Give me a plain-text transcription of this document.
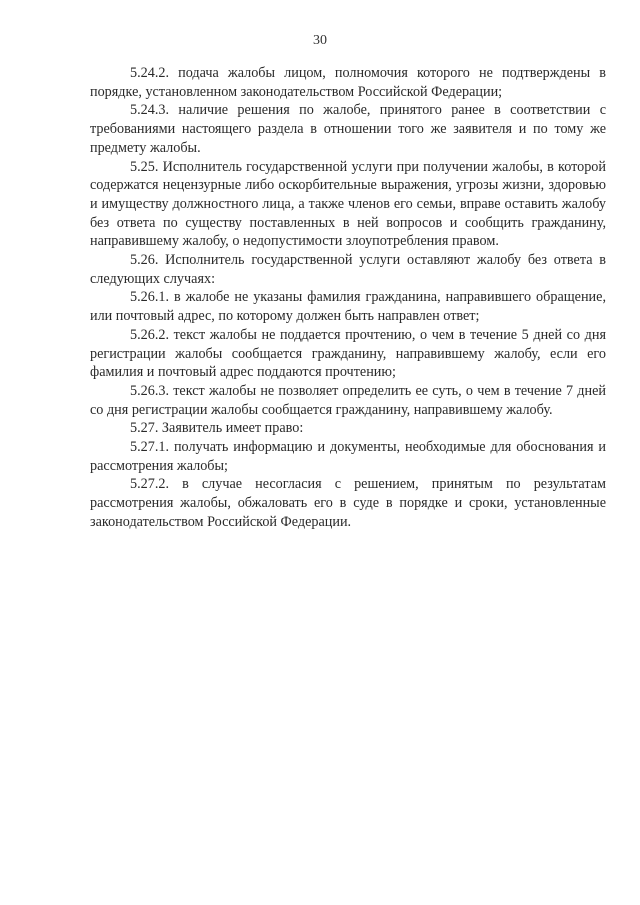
30

5.24.2. подача жалобы лицом, полномочия которого не подтверждены в порядке, установленном законодательством Российской Федерации;

5.24.3. наличие решения по жалобе, принятого ранее в соответствии с требованиями настоящего раздела в отношении того же заявителя и по тому же предмету жалобы.

5.25. Исполнитель государственной услуги при получении жалобы, в которой содержатся нецензурные либо оскорбительные выражения, угрозы жизни, здоровью и имуществу должностного лица, а также членов его семьи, вправе оставить жалобу без ответа по существу поставленных в ней вопросов и сообщить гражданину, направившему жалобу, о недопустимости злоупотребления правом.

5.26. Исполнитель государственной услуги оставляют жалобу без ответа в следующих случаях:

5.26.1. в жалобе не указаны фамилия гражданина, направившего обращение, или почтовый адрес, по которому должен быть направлен ответ;

5.26.2. текст жалобы не поддается прочтению, о чем в течение 5 дней со дня регистрации жалобы сообщается гражданину, направившему жалобу, если его фамилия и почтовый адрес поддаются прочтению;

5.26.3. текст жалобы не позволяет определить ее суть, о чем в течение 7 дней со дня регистрации жалобы сообщается гражданину, направившему жалобу.

5.27. Заявитель имеет право:

5.27.1. получать информацию и документы, необходимые для обоснования и рассмотрения жалобы;

5.27.2. в случае несогласия с решением, принятым по результатам рассмотрения жалобы, обжаловать его в суде в порядке и сроки, установленные законодательством Российской Федерации.
